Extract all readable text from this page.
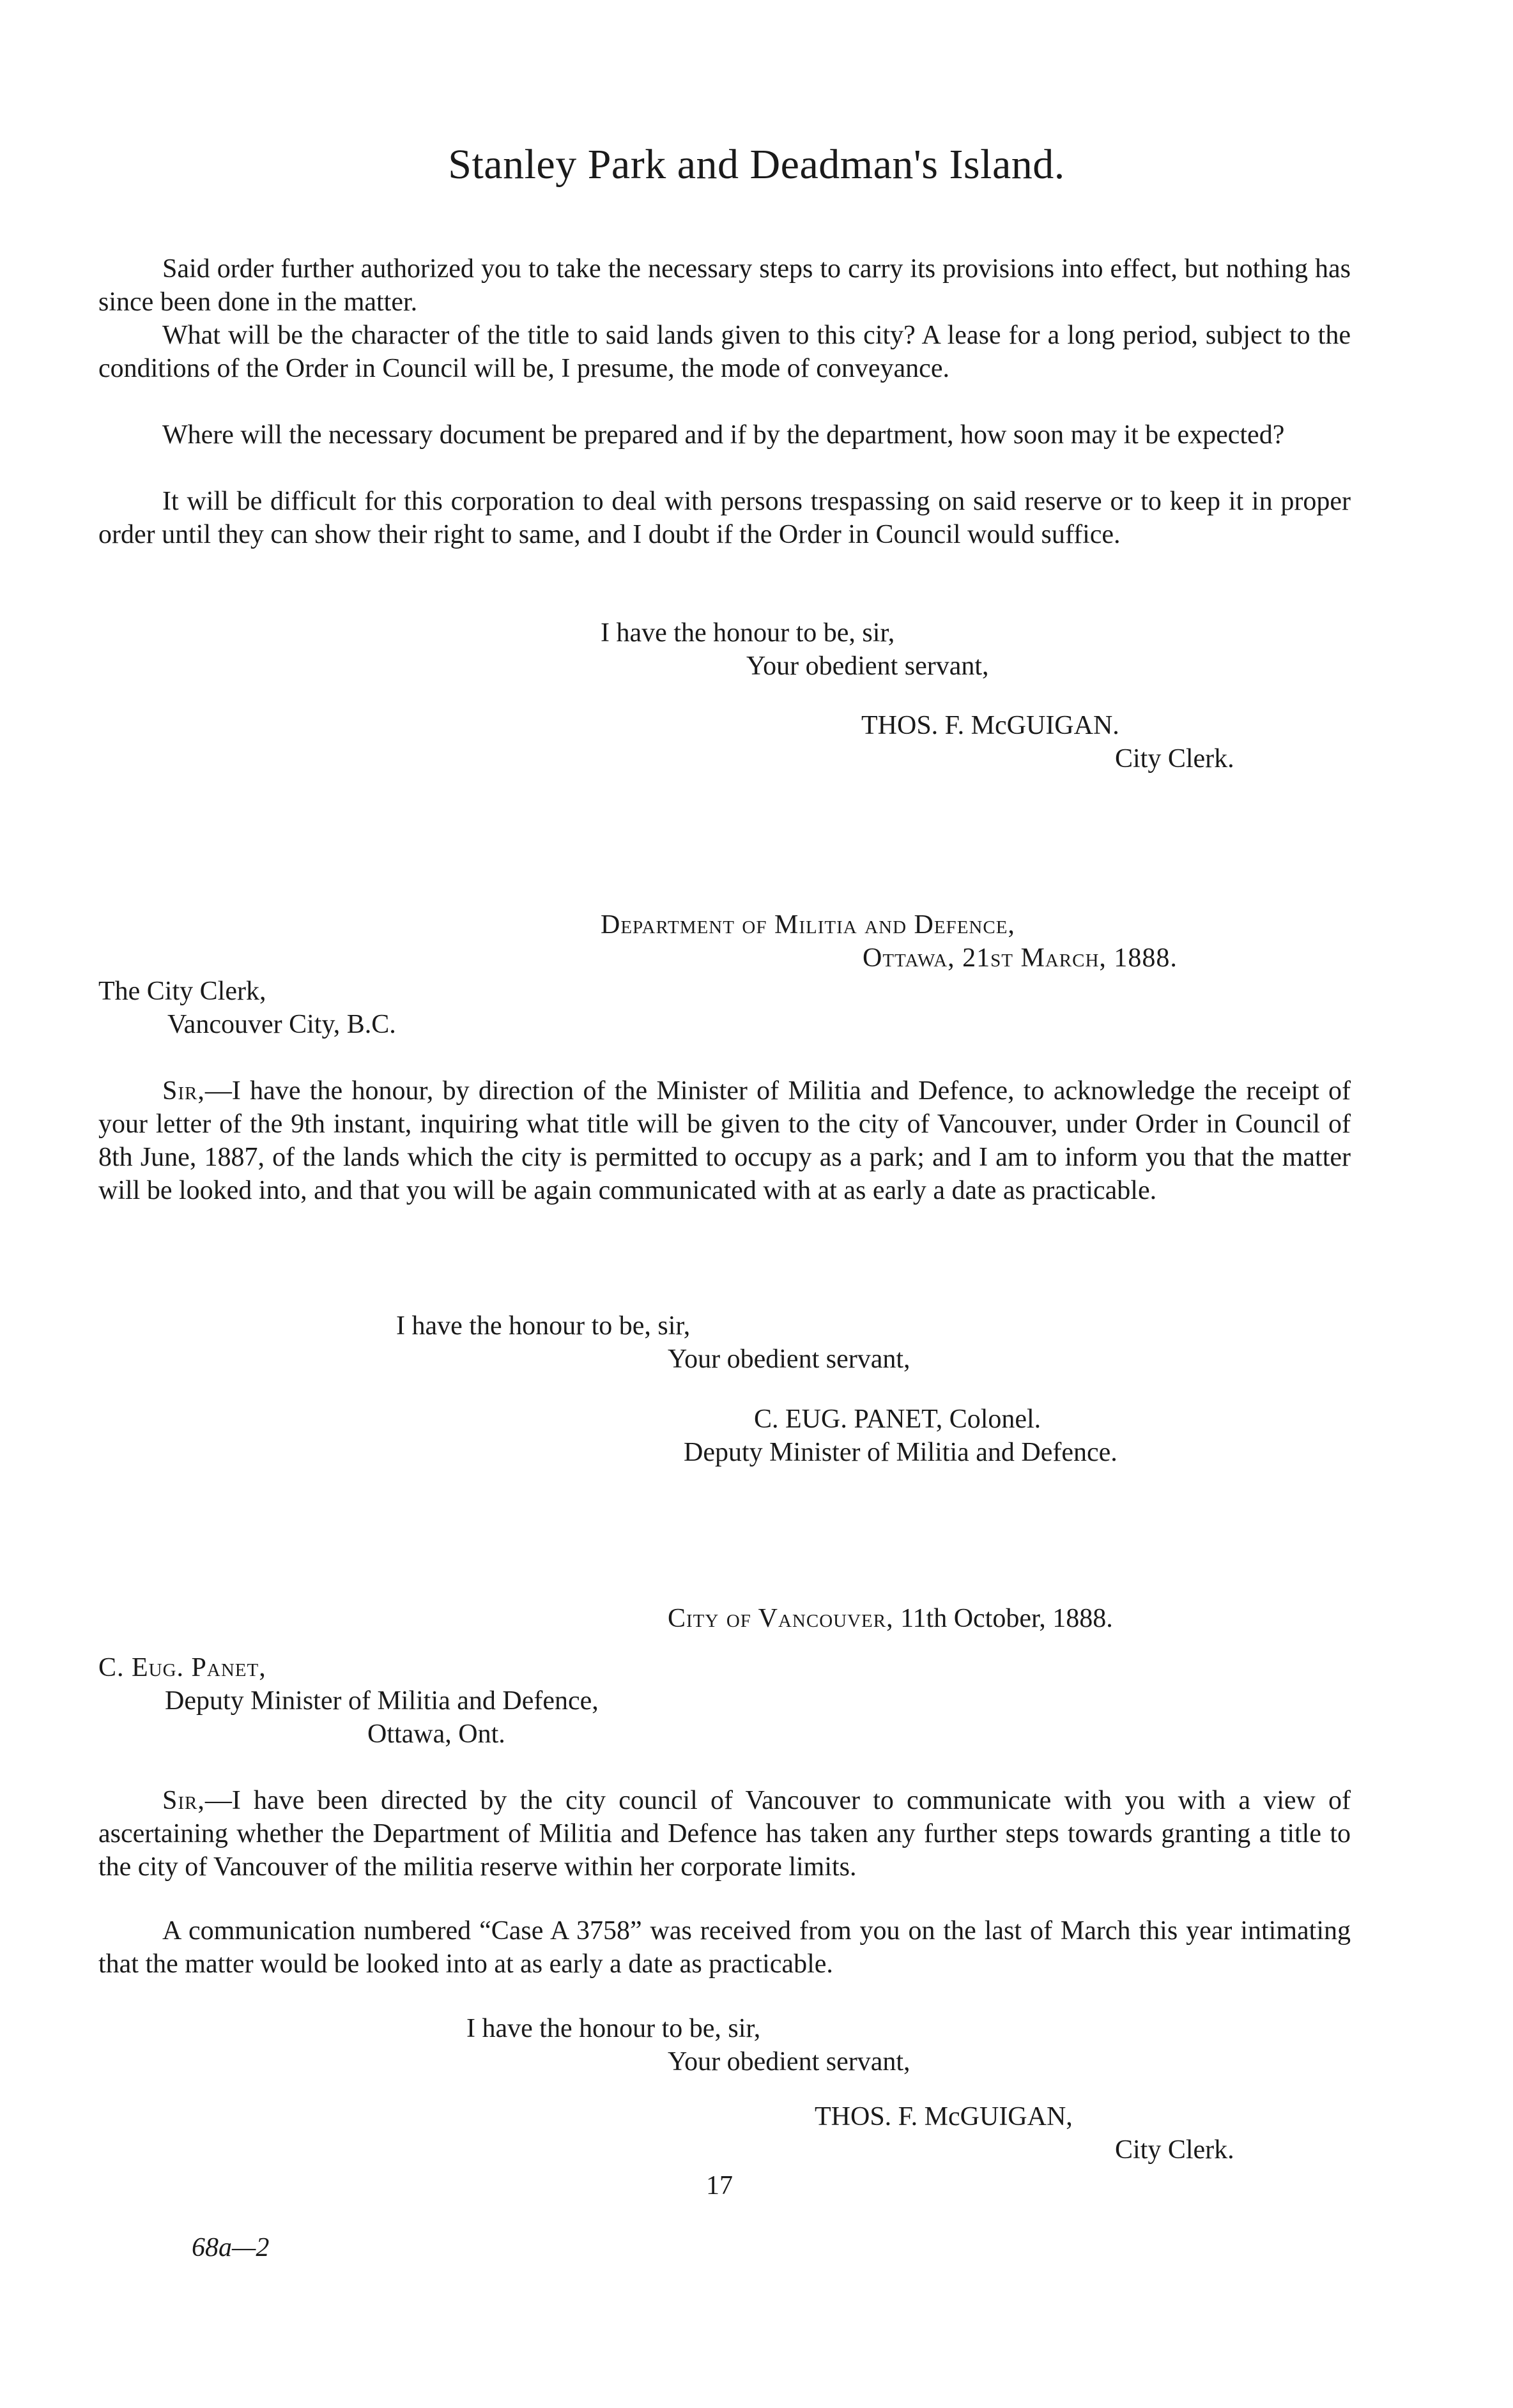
Stanley Park and Deadman's Island.

Said order further authorized you to take the necessary steps to carry its provisions into effect, but nothing has since been done in the matter.

What will be the character of the title to said lands given to this city? A lease for a long period, subject to the conditions of the Order in Council will be, I presume, the mode of conveyance.

Where will the necessary document be prepared and if by the department, how soon may it be expected?

It will be difficult for this corporation to deal with persons trespassing on said reserve or to keep it in proper order until they can show their right to same, and I doubt if the Order in Council would suffice.

I have the honour to be, sir,

Your obedient servant,

THOS. F. McGUIGAN.

City Clerk.

Department of Militia and Defence,

Ottawa, 21st March, 1888.

The City Clerk,

Vancouver City, B.C.

Sir,—I have the honour, by direction of the Minister of Militia and Defence, to acknowledge the receipt of your letter of the 9th instant, inquiring what title will be given to the city of Vancouver, under Order in Council of 8th June, 1887, of the lands which the city is permitted to occupy as a park; and I am to inform you that the matter will be looked into, and that you will be again communicated with at as early a date as practicable.

I have the honour to be, sir,

Your obedient servant,

C. EUG. PANET, Colonel.

Deputy Minister of Militia and Defence.

City of Vancouver, 11th October, 1888.

C. Eug. Panet,

Deputy Minister of Militia and Defence,

Ottawa, Ont.

Sir,—I have been directed by the city council of Vancouver to communicate with you with a view of ascertaining whether the Department of Militia and Defence has taken any further steps towards granting a title to the city of Vancouver of the militia reserve within her corporate limits.

A communication numbered “Case A 3758” was received from you on the last of March this year intimating that the matter would be looked into at as early a date as practicable.

I have the honour to be, sir,

Your obedient servant,

THOS. F. McGUIGAN,

City Clerk.

17
68a—2
